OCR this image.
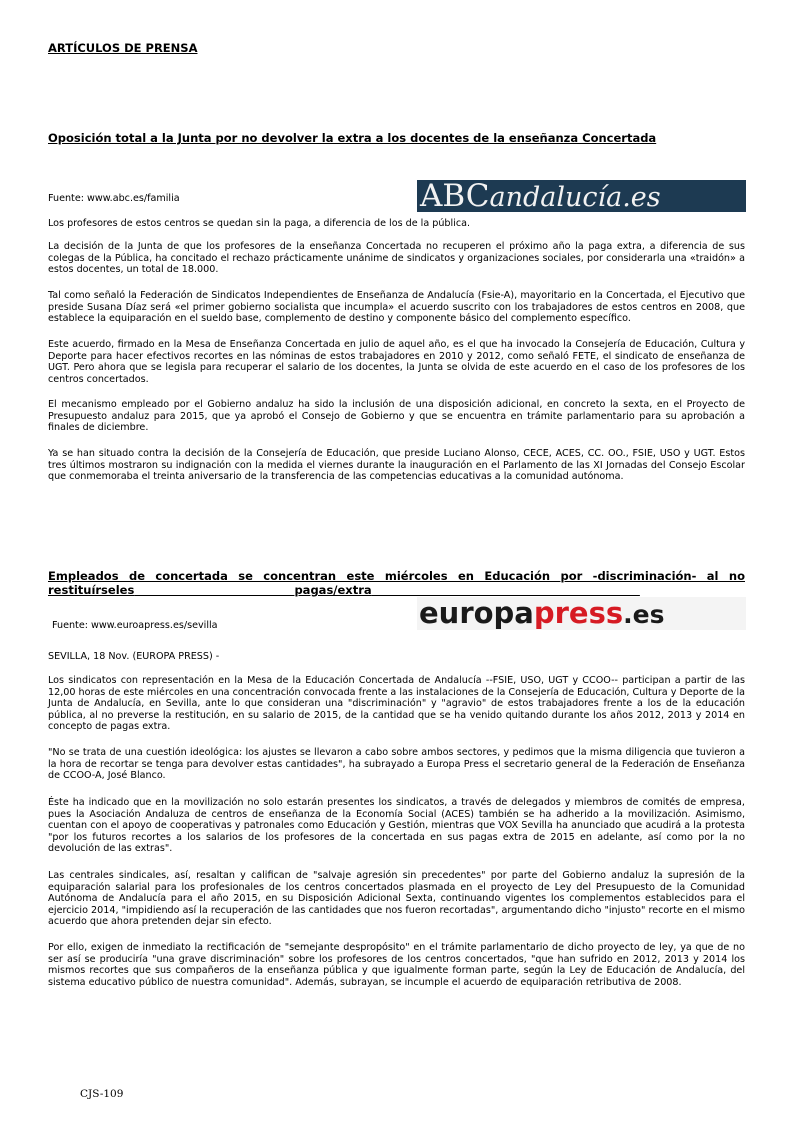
ARTÍCULOS DE PRENSA
Oposición total a la Junta por no devolver la extra a los docentes de la enseñanza Concertada
Fuente: www.abc.es/familia	ABCandalucía.es

Los profesores de estos centros se quedan sin la paga, a diferencia de los de la pública.

La decisión de la Junta de que los profesores de la enseñanza Concertada no recuperen el próximo año la paga extra, a diferencia de sus colegas de la Pública, ha concitado el rechazo prácticamente unánime de sindicatos y organizaciones sociales, por considerarla una «traidón» a estos docentes, un total de 18.000.

Tal como señaló la Federación de Sindicatos Independientes de Enseñanza de Andalucía (Fsie-A), mayoritario en la Concertada, el Ejecutivo que preside Susana Díaz será «el primer gobierno socialista que incumpla» el acuerdo suscrito con los trabajadores de estos centros en 2008, que establece la equiparación en el sueldo base, complemento de destino y componente básico del complemento específico.

Este acuerdo, firmado en la Mesa de Enseñanza Concertada en julio de aquel año, es el que ha invocado la Consejería de Educación, Cultura y Deporte para hacer efectivos recortes en las nóminas de estos trabajadores en 2010 y 2012, como señaló FETE, el sindicato de enseñanza de UGT. Pero ahora que se legisla para recuperar el salario de los docentes, la Junta se olvida de este acuerdo en el caso de los profesores de los centros concertados.

El mecanismo empleado por el Gobierno andaluz ha sido la inclusión de una disposición adicional, en concreto la sexta, en el Proyecto de Presupuesto andaluz para 2015, que ya aprobó el Consejo de Gobierno y que se encuentra en trámite parlamentario para su aprobación a finales de diciembre.

Ya se han situado contra la decisión de la Consejería de Educación, que preside Luciano Alonso, CECE, ACES, CC. OO., FSIE, USO y UGT. Estos tres últimos mostraron su indignación con la medida el viernes durante la inauguración en el Parlamento de las XI Jornadas del Consejo Escolar que conmemoraba el treinta aniversario de la transferencia de las competencias educativas a la comunidad autónoma.

Empleados de concertada se concentran este miércoles en Educación por -discriminación- al no
restituírseles	pagas/extra
europapress.es
Fuente: www.euroapress.es/sevilla

SEVILLA, 18 Nov. (EUROPA PRESS) -

Los sindicatos con representación en la Mesa de la Educación Concertada de Andalucía --FSIE, USO, UGT y CCOO-- participan a partir de las 12,00 horas de este miércoles en una concentración convocada frente a las instalaciones de la Consejería de Educación, Cultura y Deporte de la Junta de Andalucía, en Sevilla, ante lo que consideran una "discriminación" y "agravio" de estos trabajadores frente a los de la educación pública, al no preverse la restitución, en su salario de 2015, de la cantidad que se ha venido quitando durante los años 2012, 2013 y 2014 en concepto de pagas extra.

"No se trata de una cuestión ideológica: los ajustes se llevaron a cabo sobre ambos sectores, y pedimos que la misma diligencia que tuvieron a la hora de recortar se tenga para devolver estas cantidades", ha subrayado a Europa Press el secretario general de la Federación de Enseñanza de CCOO-A, José Blanco.

Éste ha indicado que en la movilización no solo estarán presentes los sindicatos, a través de delegados y miembros de comités de empresa, pues la Asociación Andaluza de centros de enseñanza de la Economía Social (ACES) también se ha adherido a la movilización. Asimismo, cuentan con el apoyo de cooperativas y patronales como Educación y Gestión, mientras que VOX Sevilla ha anunciado que acudirá a la protesta "por los futuros recortes a los salarios de los profesores de la concertada en sus pagas extra de 2015 en adelante, así como por la no devolución de las extras".

Las centrales sindicales, así, resaltan y califican de "salvaje agresión sin precedentes" por parte del Gobierno andaluz la supresión de la equiparación salarial para los profesionales de los centros concertados plasmada en el proyecto de Ley del Presupuesto de la Comunidad Autónoma de Andalucía para el año 2015, en su Disposición Adicional Sexta, continuando vigentes los complementos establecidos para el ejercicio 2014, "impidiendo así la recuperación de las cantidades que nos fueron recortadas", argumentando dicho "injusto" recorte en el mismo acuerdo que ahora pretenden dejar sin efecto.

Por ello, exigen de inmediato la rectificación de "semejante despropósito" en el trámite parlamentario de dicho proyecto de ley, ya que de no ser así se produciría "una grave discriminación" sobre los profesores de los centros concertados, "que han sufrido en 2012, 2013 y 2014 los mismos recortes que sus compañeros de la enseñanza pública y que igualmente forman parte, según la Ley de Educación de Andalucía, del sistema educativo público de nuestra comunidad". Además, subrayan, se incumple el acuerdo de equiparación retributiva de 2008.

CJS-109
